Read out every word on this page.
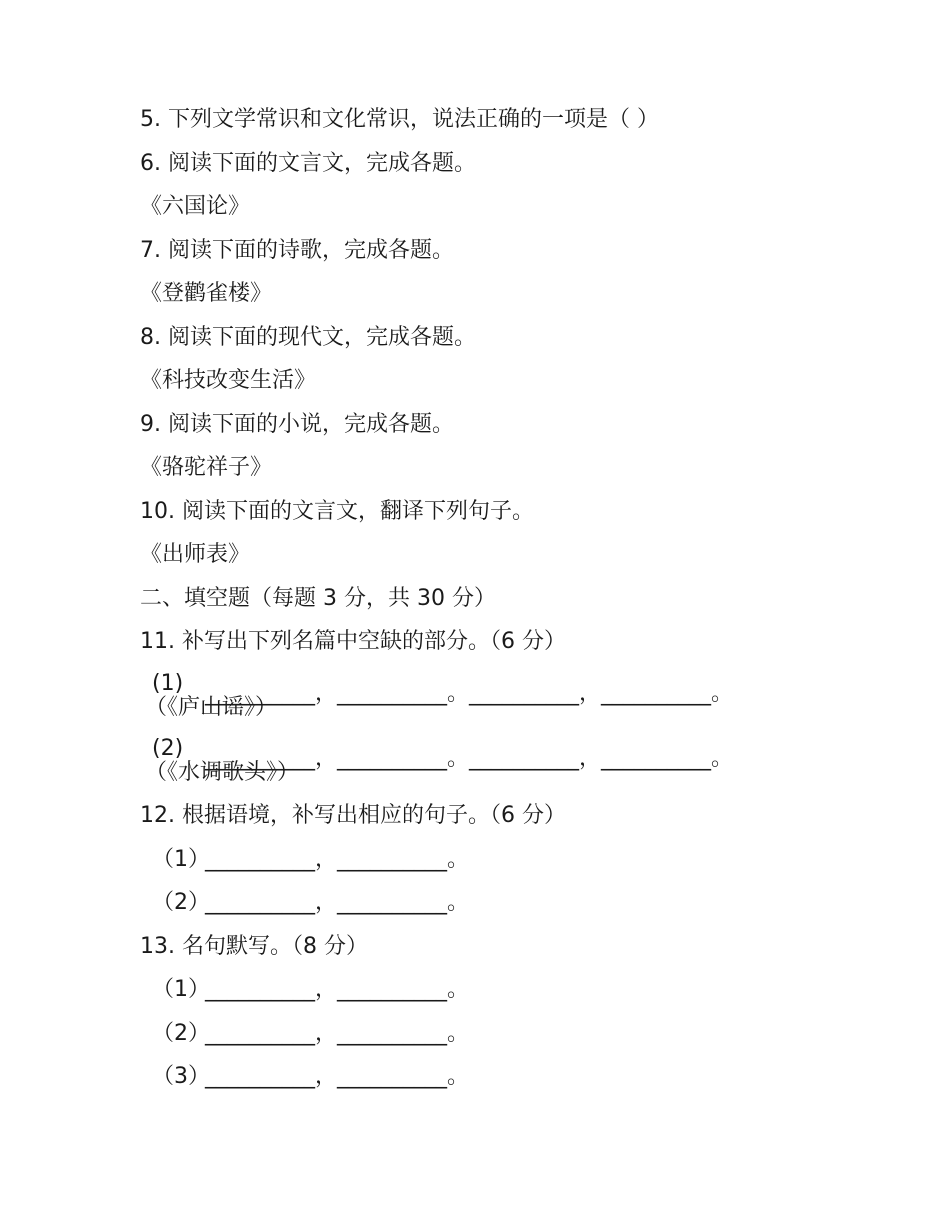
5. 下列文学常识和文化常识，说法正确的一项是（ ）
6. 阅读下面的文言文，完成各题。
《六国论》
7. 阅读下面的诗歌，完成各题。
《登鹳雀楼》
8. 阅读下面的现代文，完成各题。
《科技改变生活》
9. 阅读下面的小说，完成各题。
《骆驼祥子》
10. 阅读下面的文言文，翻译下列句子。
《出师表》
二、填空题（每题 3 分，共 30 分）
11. 补写出下列名篇中空缺的部分。（6 分）
(1)
（《庐山谣》）
__________，__________。__________，__________。
(2)
（《水调歌头》）
__________，__________。__________，__________。
12. 根据语境，补写出相应的句子。（6 分）
（1）
__________，__________。
（2）
__________，__________。
13. 名句默写。（8 分）
（1）
__________，__________。
（2）
__________，__________。
（3）
__________，__________。
